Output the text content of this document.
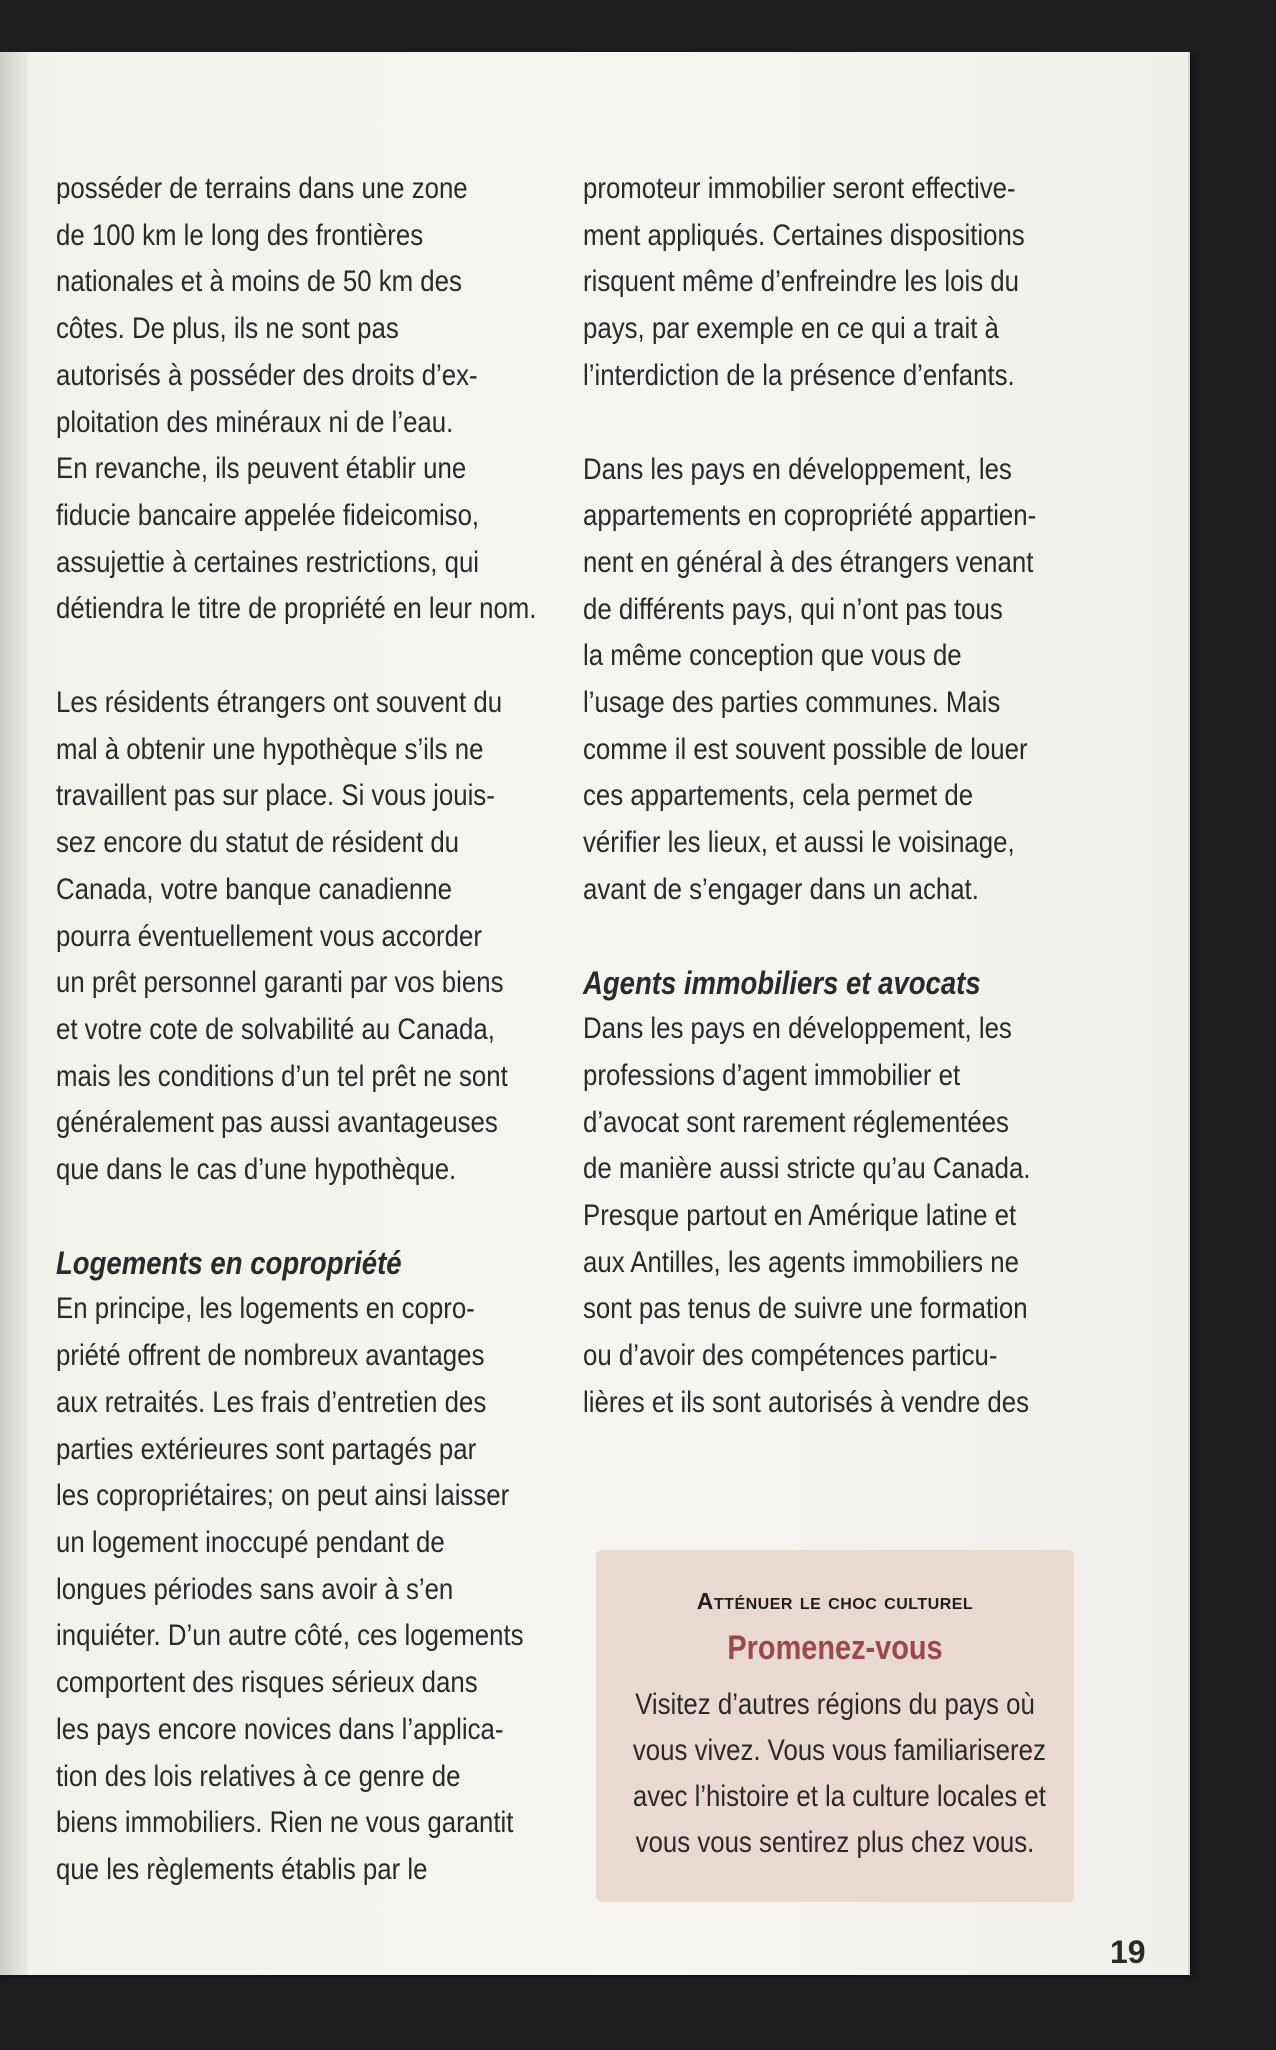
posséder de terrains dans une zone
de 100 km le long des frontières
nationales et à moins de 50 km des
côtes. De plus, ils ne sont pas
autorisés à posséder des droits d’ex-
ploitation des minéraux ni de l’eau.
En revanche, ils peuvent établir une
fiducie bancaire appelée fideicomiso,
assujettie à certaines restrictions, qui
détiendra le titre de propriété en leur nom.

Les résidents étrangers ont souvent du
mal à obtenir une hypothèque s’ils ne
travaillent pas sur place. Si vous jouis-
sez encore du statut de résident du
Canada, votre banque canadienne
pourra éventuellement vous accorder
un prêt personnel garanti par vos biens
et votre cote de solvabilité au Canada,
mais les conditions d’un tel prêt ne sont
généralement pas aussi avantageuses
que dans le cas d’une hypothèque.

Logements en copropriété

En principe, les logements en copro-
priété offrent de nombreux avantages
aux retraités. Les frais d’entretien des
parties extérieures sont partagés par
les copropriétaires; on peut ainsi laisser
un logement inoccupé pendant de
longues périodes sans avoir à s’en
inquiéter. D’un autre côté, ces logements
comportent des risques sérieux dans
les pays encore novices dans l’applica-
tion des lois relatives à ce genre de
biens immobiliers. Rien ne vous garantit
que les règlements établis par le

promoteur immobilier seront effective-
ment appliqués. Certaines dispositions
risquent même d’enfreindre les lois du
pays, par exemple en ce qui a trait à
l’interdiction de la présence d’enfants.

Dans les pays en développement, les
appartements en copropriété appartien-
nent en général à des étrangers venant
de différents pays, qui n’ont pas tous
la même conception que vous de
l’usage des parties communes. Mais
comme il est souvent possible de louer
ces appartements, cela permet de
vérifier les lieux, et aussi le voisinage,
avant de s’engager dans un achat.

Agents immobiliers et avocats

Dans les pays en développement, les
professions d’agent immobilier et
d’avocat sont rarement réglementées
de manière aussi stricte qu’au Canada.
Presque partout en Amérique latine et
aux Antilles, les agents immobiliers ne
sont pas tenus de suivre une formation
ou d’avoir des compétences particu-
lières et ils sont autorisés à vendre des

Atténuer le choc culturel
Promenez-vous
Visitez d’autres régions du pays où
vous vivez. Vous vous familiariserez
avec l’histoire et la culture locales et
vous vous sentirez plus chez vous.
19
